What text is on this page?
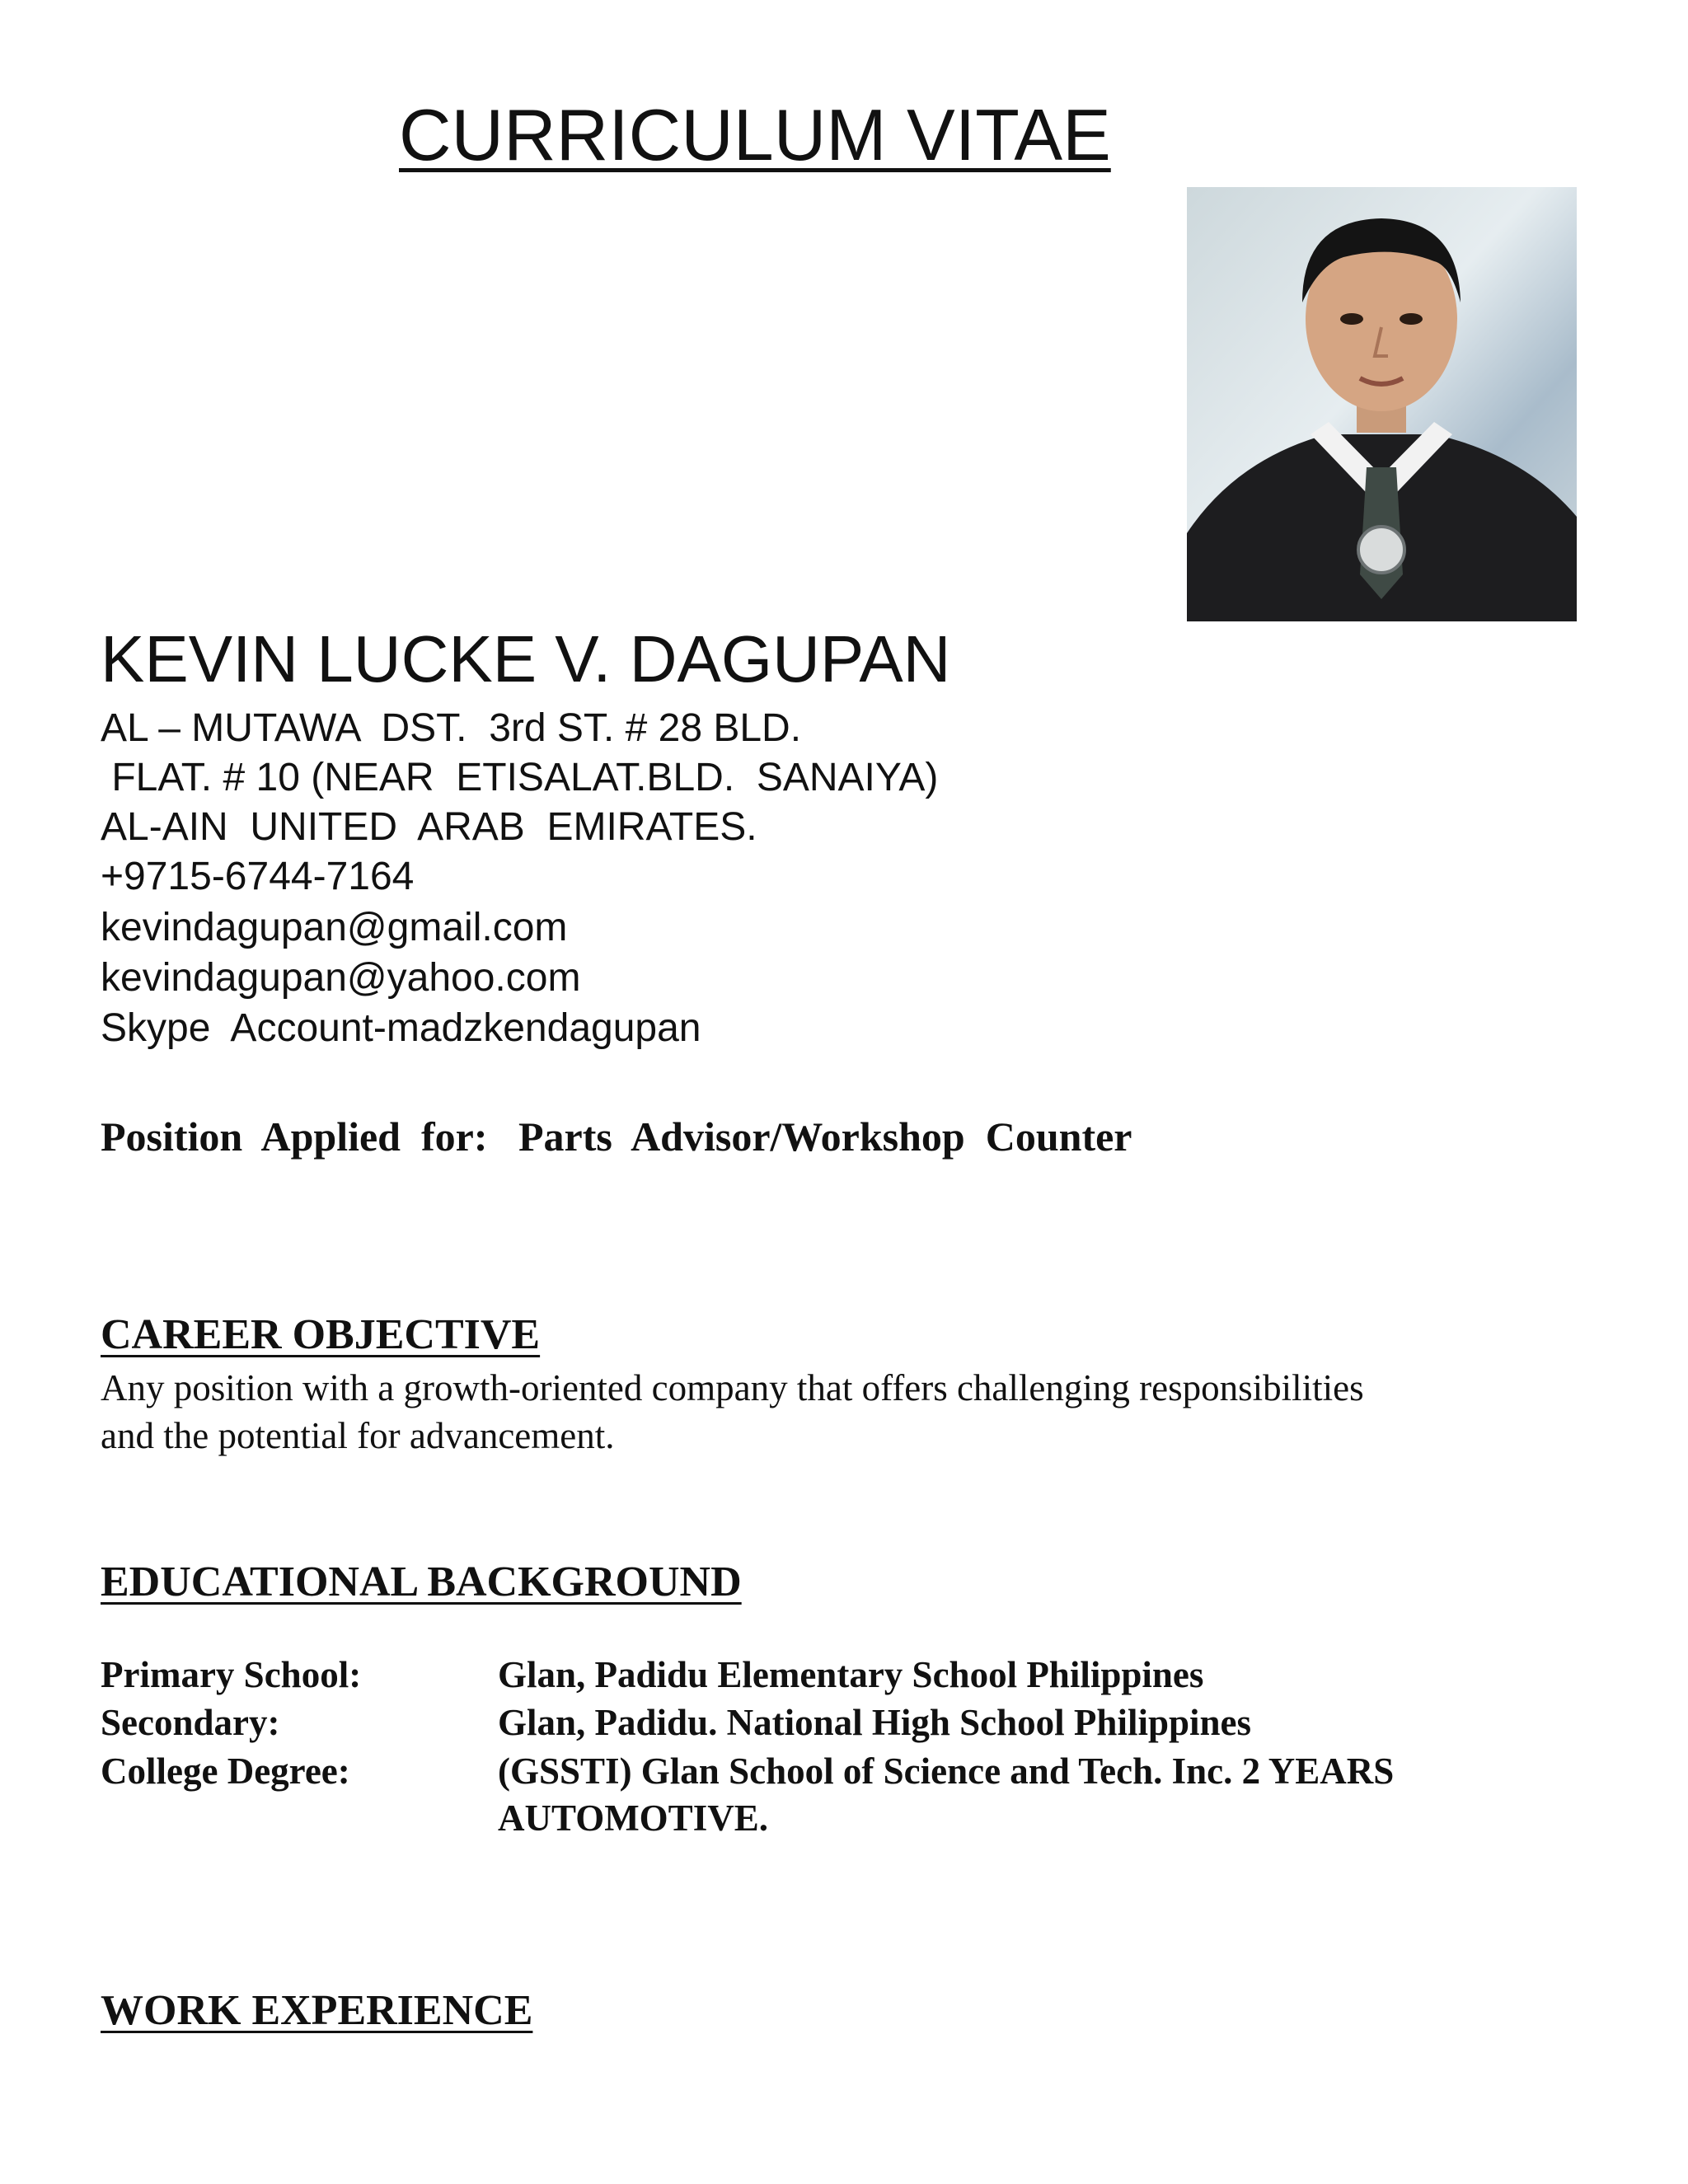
CURRICULUM VITAE
KEVIN LUCKE V. DAGUPAN
AL – MUTAWA  DST.  3rd ST. # 28 BLD.
FLAT. # 10 (NEAR  ETISALAT.BLD.  SANAIYA)
AL-AIN  UNITED  ARAB  EMIRATES.
+9715-6744-7164
kevindagupan@gmail.com
kevindagupan@yahoo.com
Skype  Account-madzkendagupan
Position  Applied  for:   Parts  Advisor/Workshop  Counter
CAREER OBJECTIVE
Any position with a growth-oriented company that offers challenging responsibilities
and the potential for advancement.
EDUCATIONAL BACKGROUND
Primary School:	Glan, Padidu Elementary School Philippines
Secondary:	Glan, Padidu. National High School Philippines
College Degree:	(GSSTI) Glan School of Science and Tech. Inc. 2 YEARS
AUTOMOTIVE.
WORK EXPERIENCE
